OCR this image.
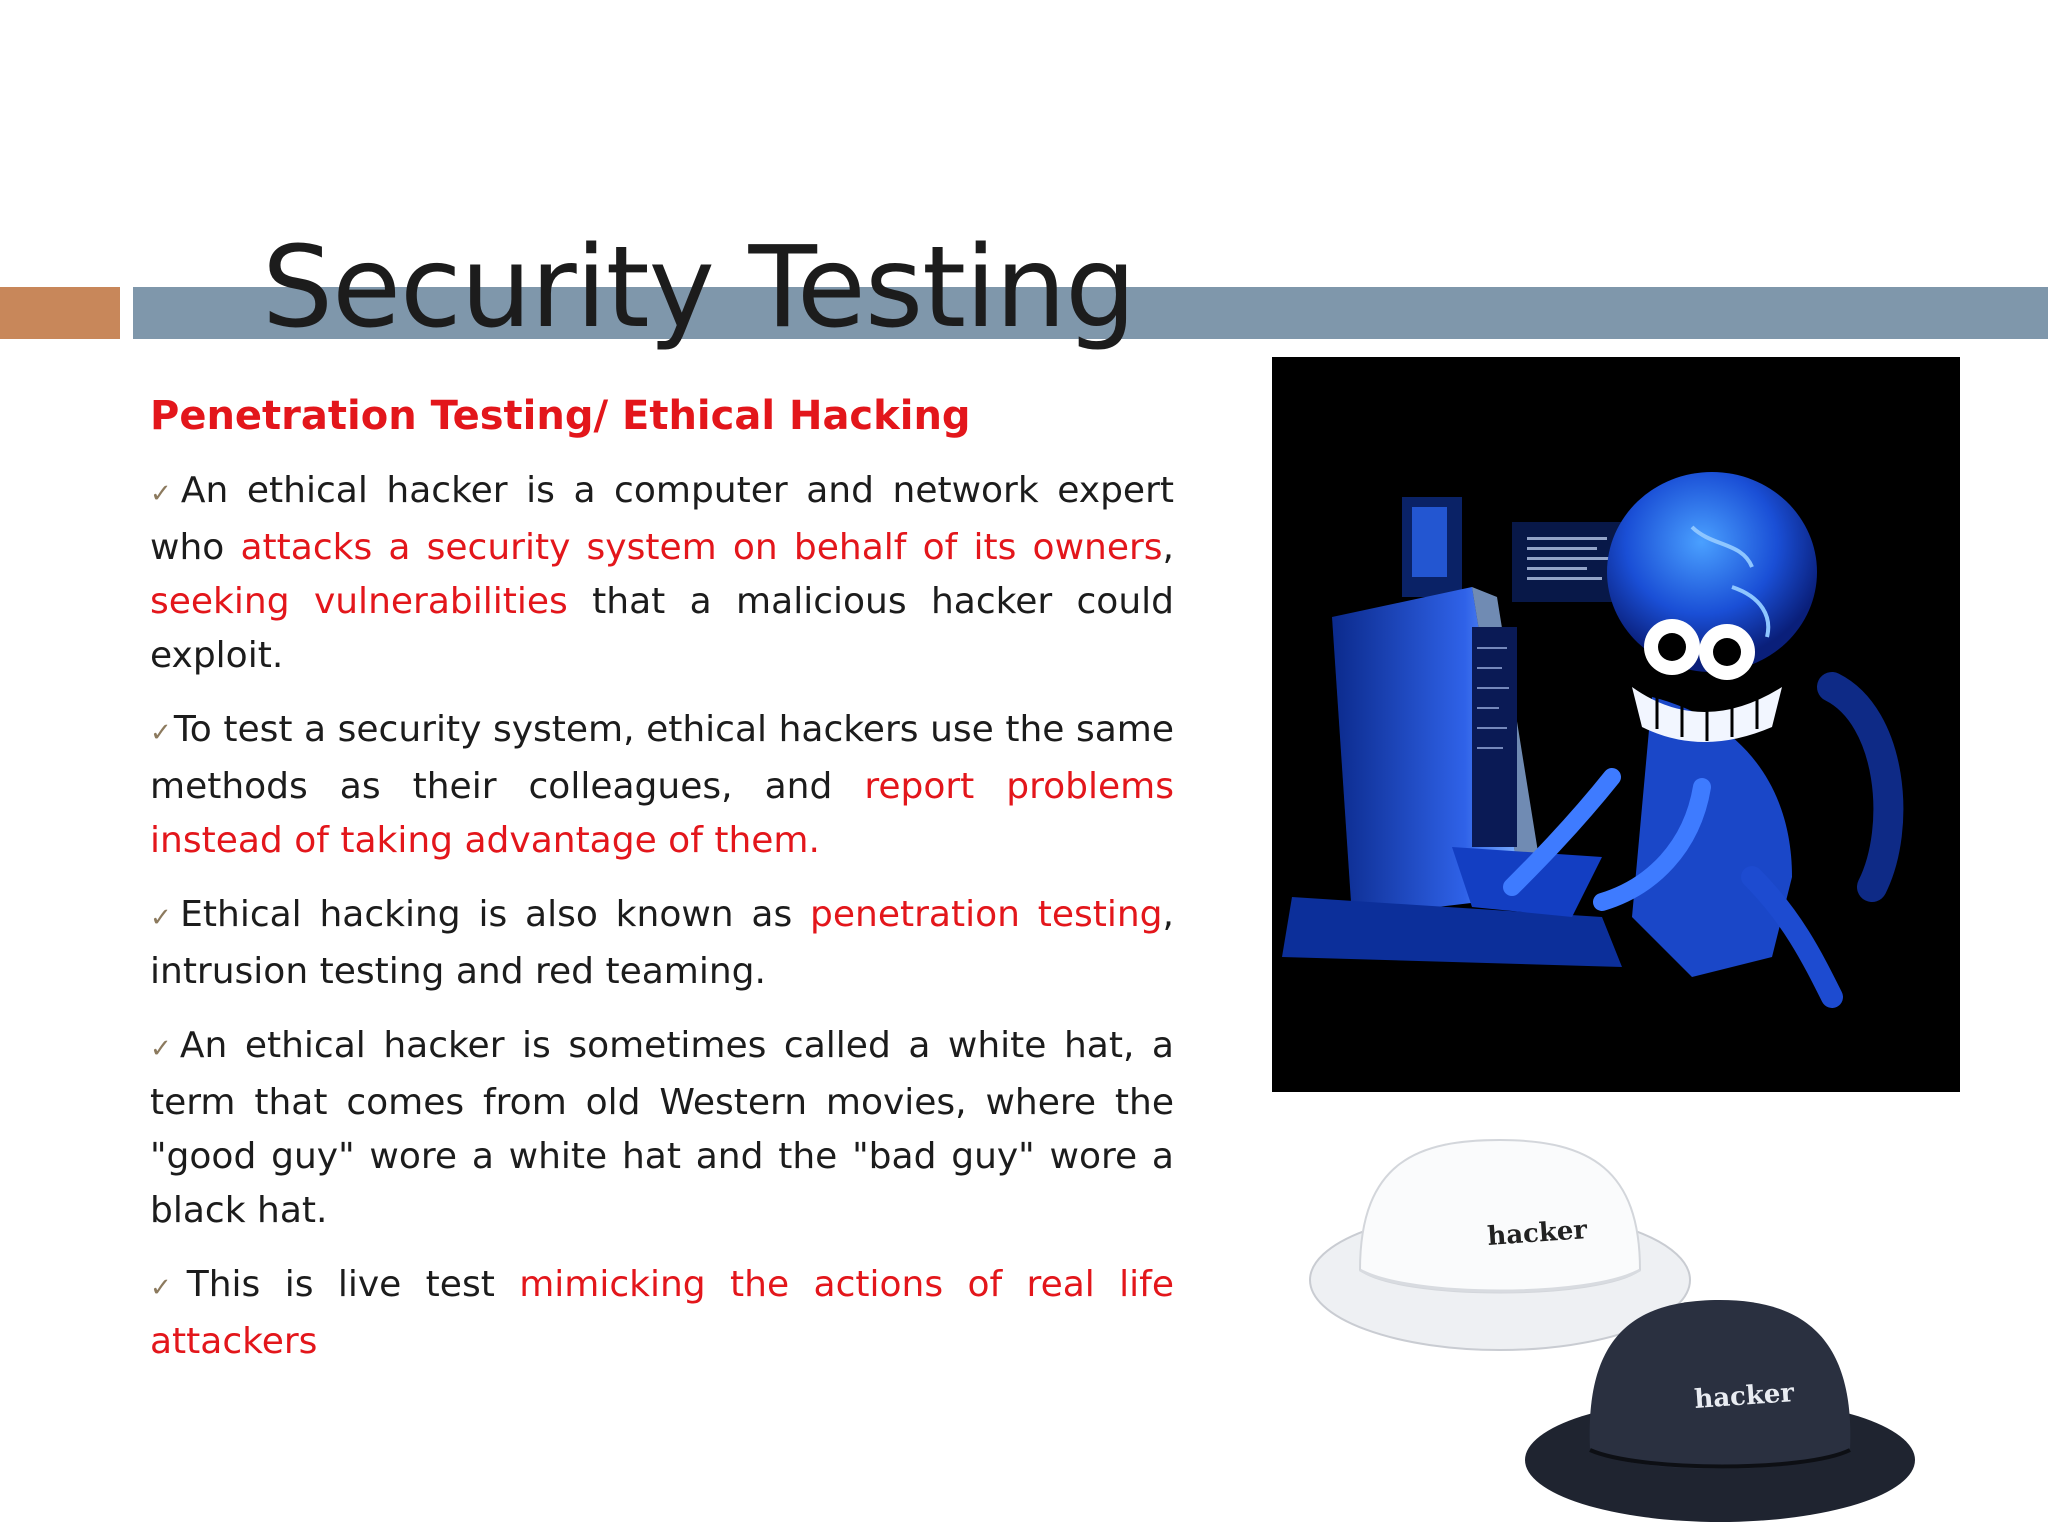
Security Testing
Penetration Testing/ Ethical Hacking
✓An ethical hacker is a computer and network expert who attacks a security system on behalf of its owners, seeking vulnerabilities that a malicious hacker could exploit.
✓To test a security system, ethical hackers use the same methods as their colleagues, and report problems instead of taking advantage of them.
✓Ethical hacking is also known as penetration testing, intrusion testing and red teaming.
✓An ethical hacker is sometimes called a white hat, a term that comes from old Western movies, where the "good guy" wore a white hat and the "bad guy" wore a black hat.
✓This is live test mimicking the actions of real life attackers
hacker
hacker
